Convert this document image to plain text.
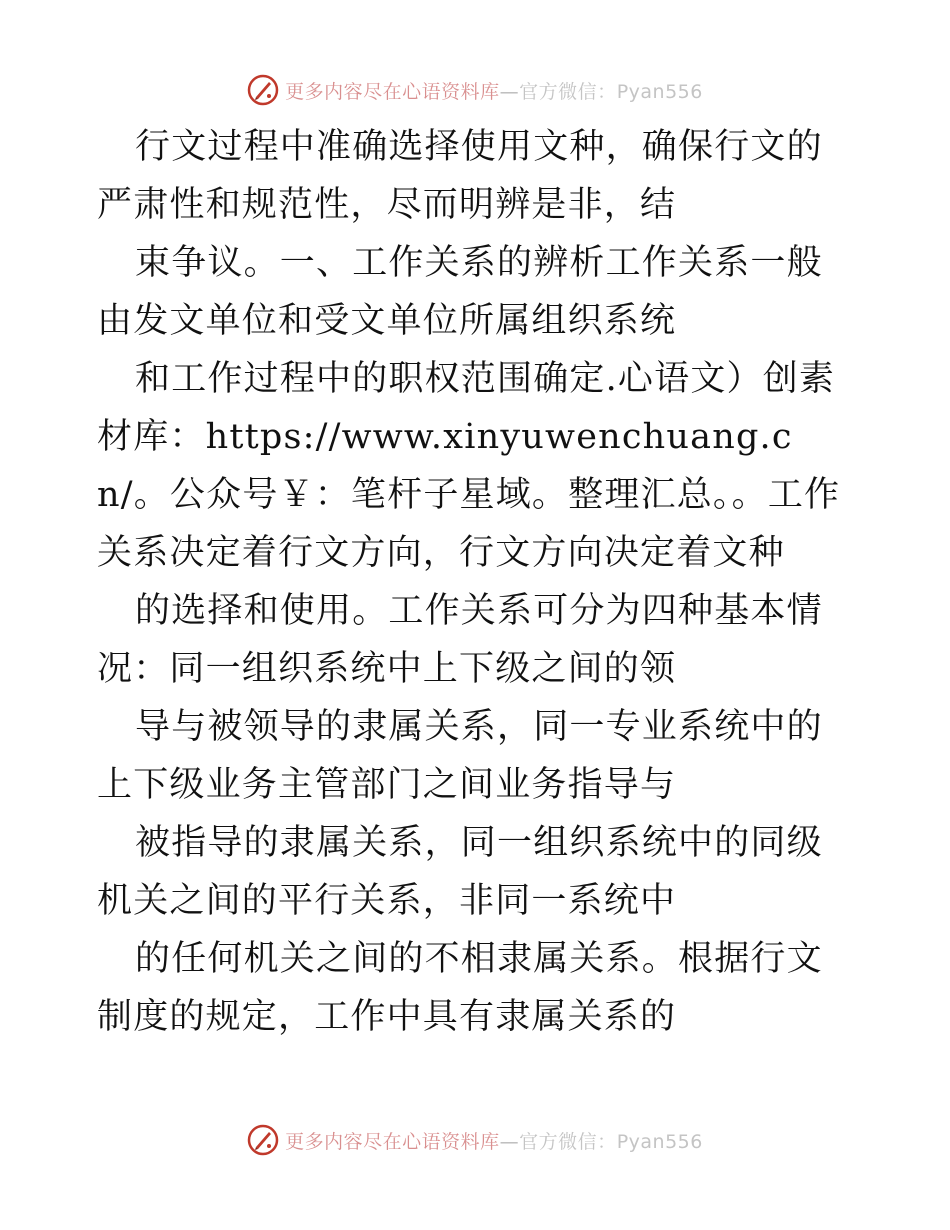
更多内容尽在心语资料库—官方微信：Pyan556

行文过程中准确选择使用文种，确保行文的严肃性和规范性，尽而明辨是非，结

束争议。一、工作关系的辨析工作关系一般由发文单位和受文单位所属组织系统

和工作过程中的职权范围确定.心语文）创素材库：https://www.xinyuwenchuang.cn/。公众号￥：笔杆子星域。整理汇总。。工作关系决定着行文方向，行文方向决定着文种

的选择和使用。工作关系可分为四种基本情况：同一组织系统中上下级之间的领

导与被领导的隶属关系，同一专业系统中的上下级业务主管部门之间业务指导与

被指导的隶属关系，同一组织系统中的同级机关之间的平行关系，非同一系统中

的任何机关之间的不相隶属关系。根据行文制度的规定，工作中具有隶属关系的

更多内容尽在心语资料库—官方微信：Pyan556
